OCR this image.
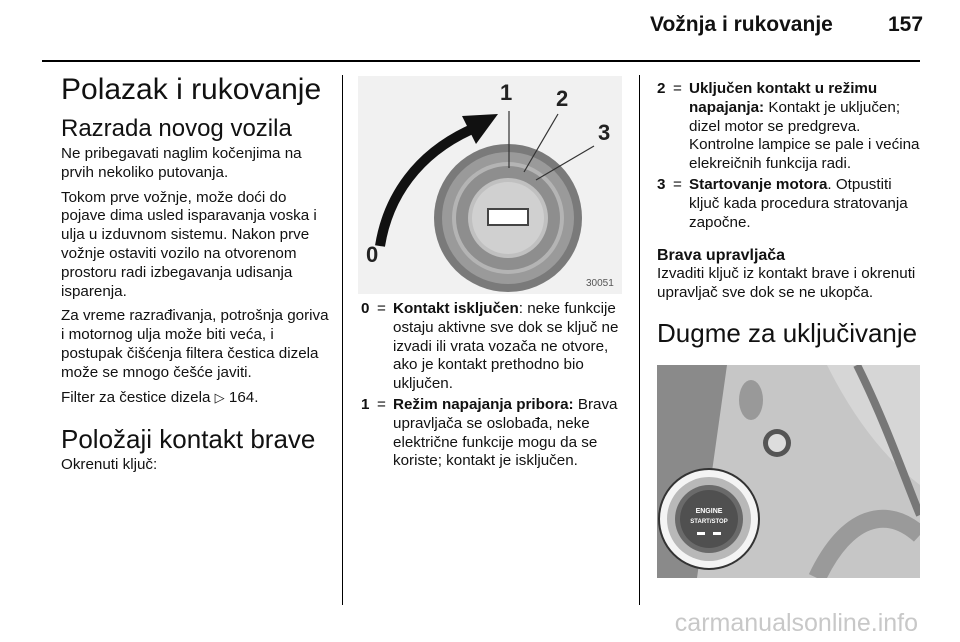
Vožnja i rukovanje	157
Polazak i rukovanje
Razrada novog vozila

Ne pribegavati naglim kočenjima na prvih nekoliko putovanja.

Tokom prve vožnje, može doći do pojave dima usled isparavanja voska i ulja u izduvnom sistemu. Nakon prve vožnje ostaviti vozilo na otvorenom prostoru radi izbegavanja udisanja isparenja.

Za vreme razrađivanja, potrošnja goriva i motornog ulja može biti veća, i postupak čišćenja filtera čestica dizela može se mnogo češće javiti.

Filter za čestice dizela ▷ 164.

Položaji kontakt brave

Okrenuti ključ:

0
1 2
3
30051
0 = Kontakt isključen: neke funkcije ostaju aktivne sve dok se ključ ne izvadi ili vrata vozača ne otvore, ako je kontakt prethodno bio uključen.
1 = Režim napajanja pribora: Brava upravljača se oslobađa, neke električne funkcije mogu da se koriste; kontakt je isključen.
2 = Uključen kontakt u režimu napajanja: Kontakt je uključen; dizel motor se predgreva. Kontrolne lampice se pale i većina elekreičnih funkcija radi.
3 = Startovanje motora. Otpustiti ključ kada procedura stratovanja započne.
Brava upravljača

Izvaditi ključ iz kontakt brave i okrenuti upravljač sve dok se ne ukopča.

Dugme za uključivanje
ENGINE
START/STOP
carmanualsonline.info
